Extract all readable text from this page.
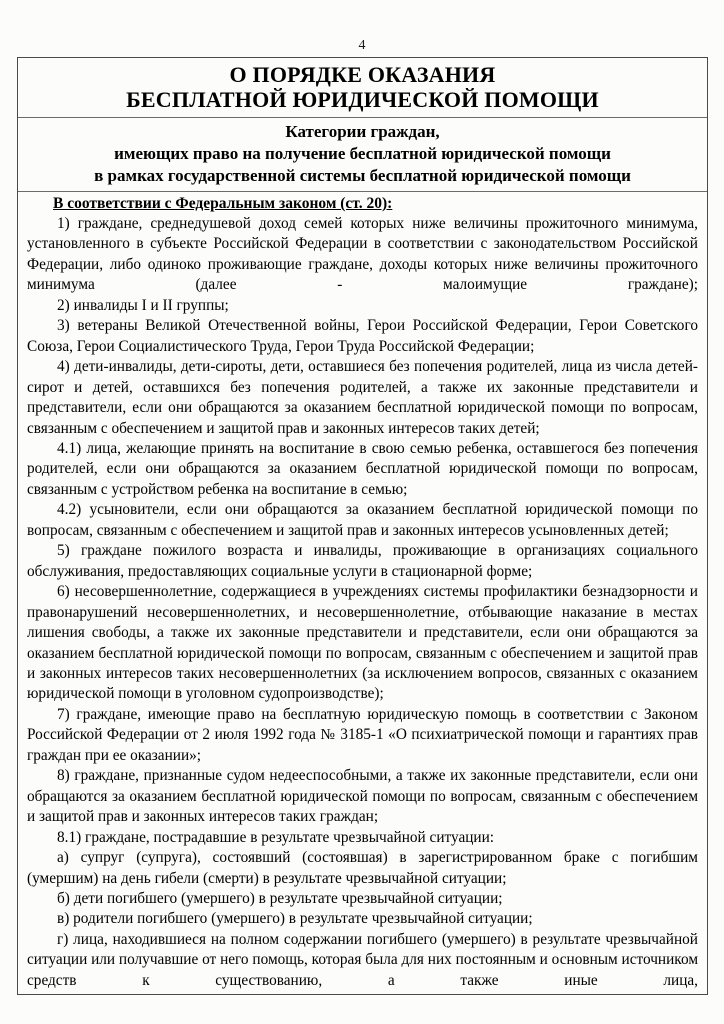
4
О ПОРЯДКЕ ОКАЗАНИЯ
БЕСПЛАТНОЙ ЮРИДИЧЕСКОЙ ПОМОЩИ
Категории граждан,
имеющих право на получение бесплатной юридической помощи
в рамках государственной системы бесплатной юридической помощи
В соответствии с Федеральным законом (ст. 20):

1) граждане, среднедушевой доход семей которых ниже величины прожиточного минимума, установленного в субъекте Российской Федерации в соответствии с законодательством Российской Федерации, либо одиноко проживающие граждане, доходы которых ниже величины прожиточного минимума (далее - малоимущие граждане);

2) инвалиды I и II группы;

3) ветераны Великой Отечественной войны, Герои Российской Федерации, Герои Советского Союза, Герои Социалистического Труда, Герои Труда Российской Федерации;

4) дети-инвалиды, дети-сироты, дети, оставшиеся без попечения родителей, лица из числа детей-сирот и детей, оставшихся без попечения родителей, а также их законные представители и представители, если они обращаются за оказанием бесплатной юридической помощи по вопросам, связанным с обеспечением и защитой прав и законных интересов таких детей;

4.1) лица, желающие принять на воспитание в свою семью ребенка, оставшегося без попечения родителей, если они обращаются за оказанием бесплатной юридической помощи по вопросам, связанным с устройством ребенка на воспитание в семью;

4.2) усыновители, если они обращаются за оказанием бесплатной юридической помощи по вопросам, связанным с обеспечением и защитой прав и законных интересов усыновленных детей;

5) граждане пожилого возраста и инвалиды, проживающие в организациях социального обслуживания, предоставляющих социальные услуги в стационарной форме;

6) несовершеннолетние, содержащиеся в учреждениях системы профилактики безнадзорности и правонарушений несовершеннолетних, и несовершеннолетние, отбывающие наказание в местах лишения свободы, а также их законные представители и представители, если они обращаются за оказанием бесплатной юридической помощи по вопросам, связанным с обеспечением и защитой прав и законных интересов таких несовершеннолетних (за исключением вопросов, связанных с оказанием юридической помощи в уголовном судопроизводстве);

7) граждане, имеющие право на бесплатную юридическую помощь в соответствии с Законом Российской Федерации от 2 июля 1992 года № 3185-1 «О психиатрической помощи и гарантиях прав граждан при ее оказании»;

8) граждане, признанные судом недееспособными, а также их законные представители, если они обращаются за оказанием бесплатной юридической помощи по вопросам, связанным с обеспечением и защитой прав и законных интересов таких граждан;

8.1) граждане, пострадавшие в результате чрезвычайной ситуации:

а) супруг (супруга), состоявший (состоявшая) в зарегистрированном браке с погибшим (умершим) на день гибели (смерти) в результате чрезвычайной ситуации;

б) дети погибшего (умершего) в результате чрезвычайной ситуации;

в) родители погибшего (умершего) в результате чрезвычайной ситуации;

г) лица, находившиеся на полном содержании погибшего (умершего) в результате чрезвычайной ситуации или получавшие от него помощь, которая была для них постоянным и основным источником средств к существованию, а также иные лица,
